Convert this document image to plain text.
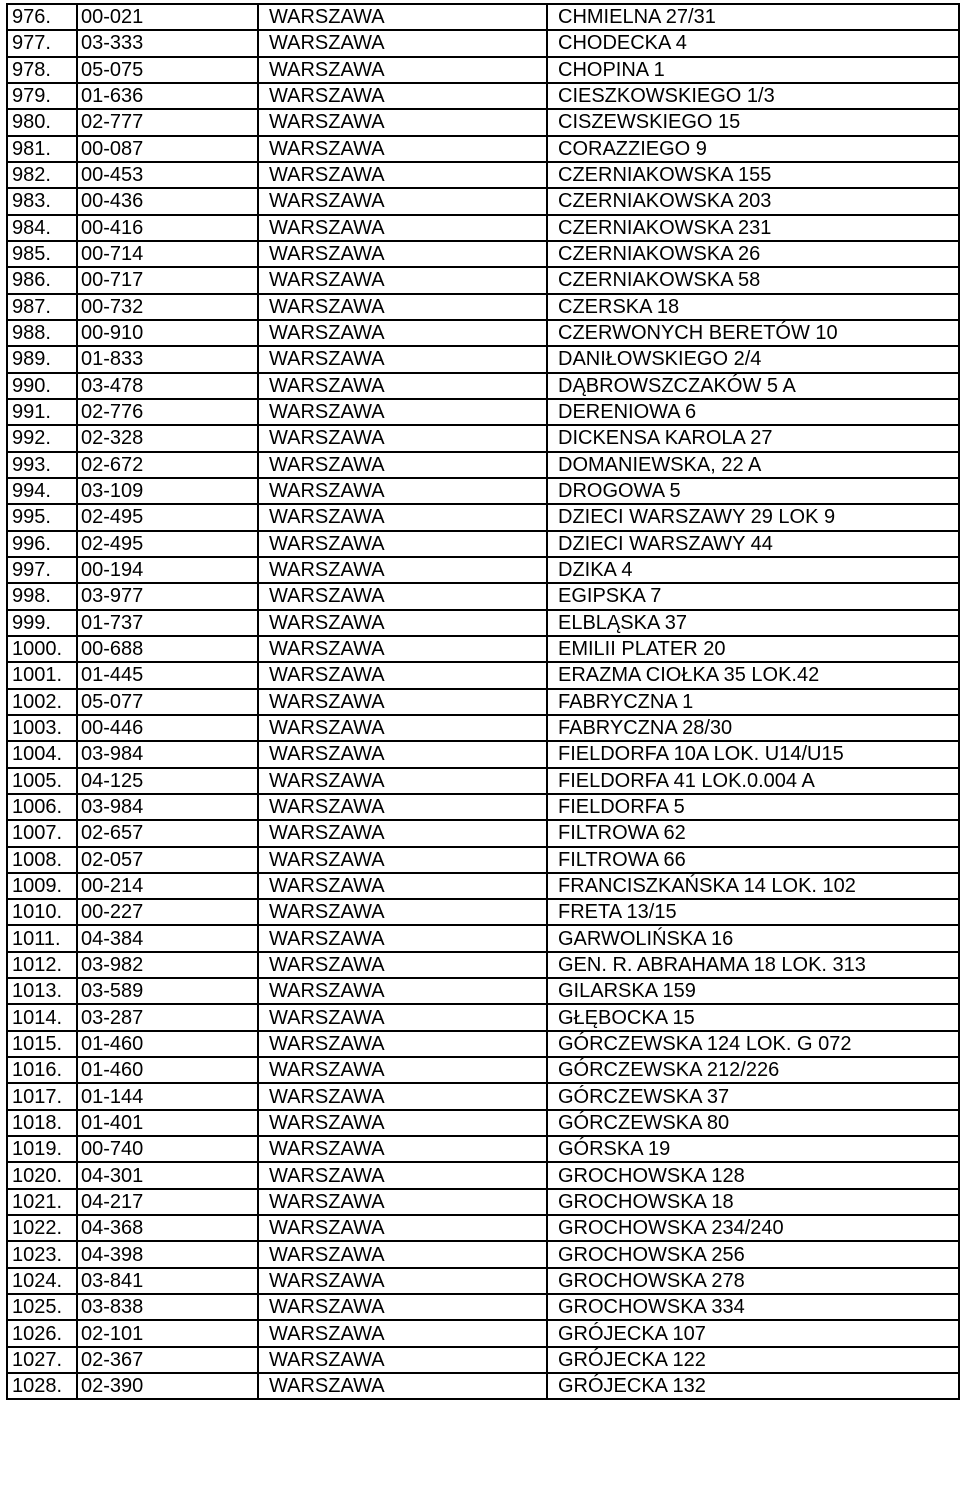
976.	00-021	WARSZAWA	CHMIELNA 27/31
977.	03-333	WARSZAWA	CHODECKA 4
978.	05-075	WARSZAWA	CHOPINA 1
979.	01-636	WARSZAWA	CIESZKOWSKIEGO 1/3
980.	02-777	WARSZAWA	CISZEWSKIEGO 15
981.	00-087	WARSZAWA	CORAZZIEGO 9
982.	00-453	WARSZAWA	CZERNIAKOWSKA 155
983.	00-436	WARSZAWA	CZERNIAKOWSKA 203
984.	00-416	WARSZAWA	CZERNIAKOWSKA 231
985.	00-714	WARSZAWA	CZERNIAKOWSKA 26
986.	00-717	WARSZAWA	CZERNIAKOWSKA 58
987.	00-732	WARSZAWA	CZERSKA 18
988.	00-910	WARSZAWA	CZERWONYCH BERETÓW 10
989.	01-833	WARSZAWA	DANIŁOWSKIEGO 2/4
990.	03-478	WARSZAWA	DĄBROWSZCZAKÓW 5 A
991.	02-776	WARSZAWA	DERENIOWA 6
992.	02-328	WARSZAWA	DICKENSA KAROLA 27
993.	02-672	WARSZAWA	DOMANIEWSKA, 22 A
994.	03-109	WARSZAWA	DROGOWA 5
995.	02-495	WARSZAWA	DZIECI WARSZAWY 29 LOK 9
996.	02-495	WARSZAWA	DZIECI WARSZAWY 44
997.	00-194	WARSZAWA	DZIKA 4
998.	03-977	WARSZAWA	EGIPSKA 7
999.	01-737	WARSZAWA	ELBLĄSKA 37
1000.	00-688	WARSZAWA	EMILII PLATER 20
1001.	01-445	WARSZAWA	ERAZMA CIOŁKA 35 LOK.42
1002.	05-077	WARSZAWA	FABRYCZNA 1
1003.	00-446	WARSZAWA	FABRYCZNA 28/30
1004.	03-984	WARSZAWA	FIELDORFA 10A LOK. U14/U15
1005.	04-125	WARSZAWA	FIELDORFA 41 LOK.0.004 A
1006.	03-984	WARSZAWA	FIELDORFA 5
1007.	02-657	WARSZAWA	FILTROWA 62
1008.	02-057	WARSZAWA	FILTROWA 66
1009.	00-214	WARSZAWA	FRANCISZKAŃSKA 14 LOK. 102
1010.	00-227	WARSZAWA	FRETA 13/15
1011.	04-384	WARSZAWA	GARWOLIŃSKA 16
1012.	03-982	WARSZAWA	GEN. R. ABRAHAMA 18 LOK. 313
1013.	03-589	WARSZAWA	GILARSKA 159
1014.	03-287	WARSZAWA	GŁĘBOCKA 15
1015.	01-460	WARSZAWA	GÓRCZEWSKA 124 LOK. G 072
1016.	01-460	WARSZAWA	GÓRCZEWSKA 212/226
1017.	01-144	WARSZAWA	GÓRCZEWSKA 37
1018.	01-401	WARSZAWA	GÓRCZEWSKA 80
1019.	00-740	WARSZAWA	GÓRSKA 19
1020.	04-301	WARSZAWA	GROCHOWSKA 128
1021.	04-217	WARSZAWA	GROCHOWSKA 18
1022.	04-368	WARSZAWA	GROCHOWSKA 234/240
1023.	04-398	WARSZAWA	GROCHOWSKA 256
1024.	03-841	WARSZAWA	GROCHOWSKA 278
1025.	03-838	WARSZAWA	GROCHOWSKA 334
1026.	02-101	WARSZAWA	GRÓJECKA 107
1027.	02-367	WARSZAWA	GRÓJECKA 122
1028.	02-390	WARSZAWA	GRÓJECKA 132
